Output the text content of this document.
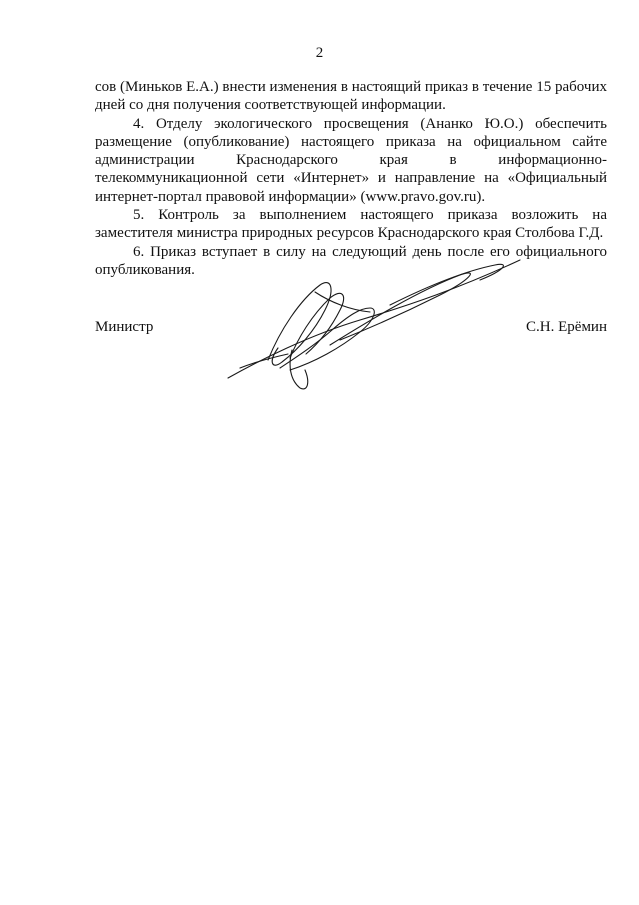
2

сов (Миньков Е.А.) внести изменения в настоящий приказ в течение 15 рабочих дней со дня получения соответствующей информации.

4. Отделу экологического просвещения (Ананко Ю.О.) обеспечить размещение (опубликование) настоящего приказа на официальном сайте администрации Краснодарского края в информационно-телекоммуникационной сети «Интернет» и направление на «Официальный интернет-портал правовой информации» (www.pravo.gov.ru).

5. Контроль за выполнением настоящего приказа возложить на заместителя министра природных ресурсов Краснодарского края Столбова Г.Д.

6. Приказ вступает в силу на следующий день после его официального опубликования.

Министр	С.Н. Ерёмин
